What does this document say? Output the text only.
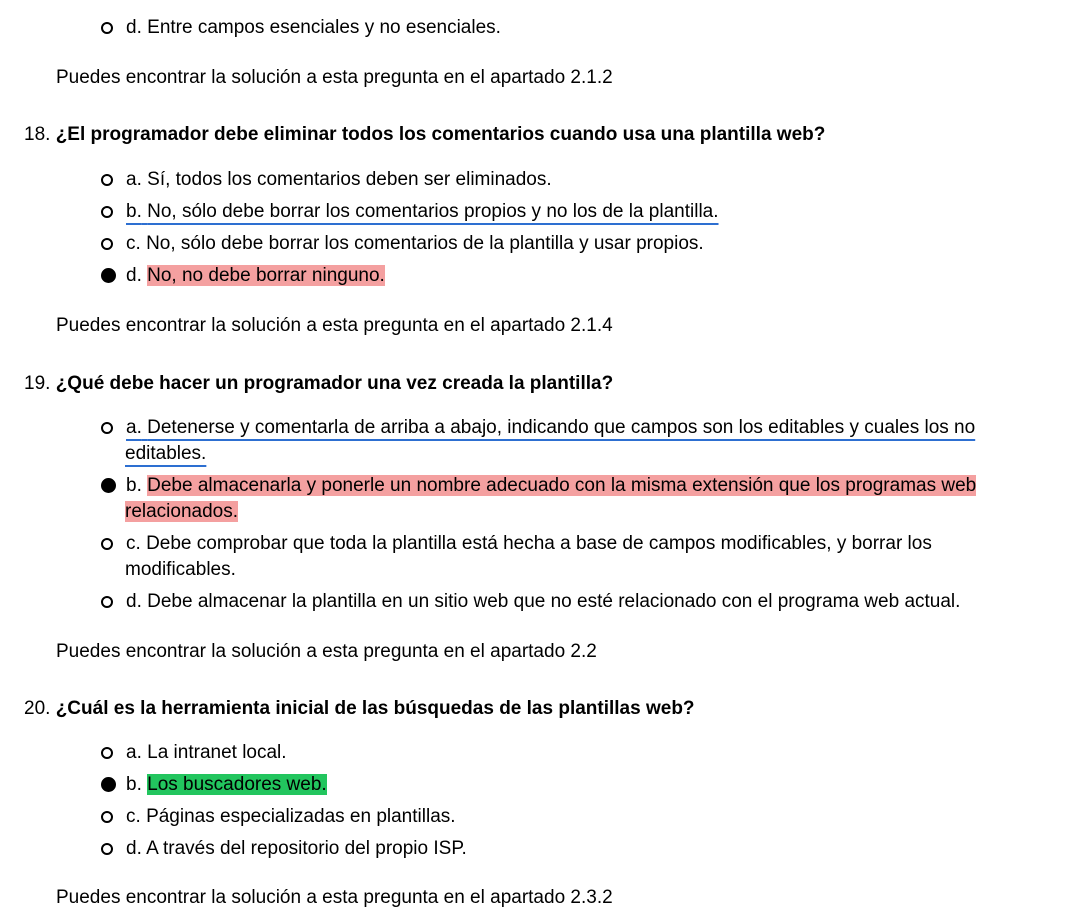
d. Entre campos esenciales y no esenciales.
Puedes encontrar la solución a esta pregunta en el apartado 2.1.2
18. ¿El programador debe eliminar todos los comentarios cuando usa una plantilla web?
a. Sí, todos los comentarios deben ser eliminados.
b. No, sólo debe borrar los comentarios propios y no los de la plantilla.
c. No, sólo debe borrar los comentarios de la plantilla y usar propios.
d. No, no debe borrar ninguno.
Puedes encontrar la solución a esta pregunta en el apartado 2.1.4
19. ¿Qué debe hacer un programador una vez creada la plantilla?
a. Detenerse y comentarla de arriba a abajo, indicando que campos son los editables y cuales los no
editables.
b. Debe almacenarla y ponerle un nombre adecuado con la misma extensión que los programas web
relacionados.
c. Debe comprobar que toda la plantilla está hecha a base de campos modificables, y borrar los
modificables.
d. Debe almacenar la plantilla en un sitio web que no esté relacionado con el programa web actual.
Puedes encontrar la solución a esta pregunta en el apartado 2.2
20. ¿Cuál es la herramienta inicial de las búsquedas de las plantillas web?
a. La intranet local.
b. Los buscadores web.
c. Páginas especializadas en plantillas.
d. A través del repositorio del propio ISP.
Puedes encontrar la solución a esta pregunta en el apartado 2.3.2
